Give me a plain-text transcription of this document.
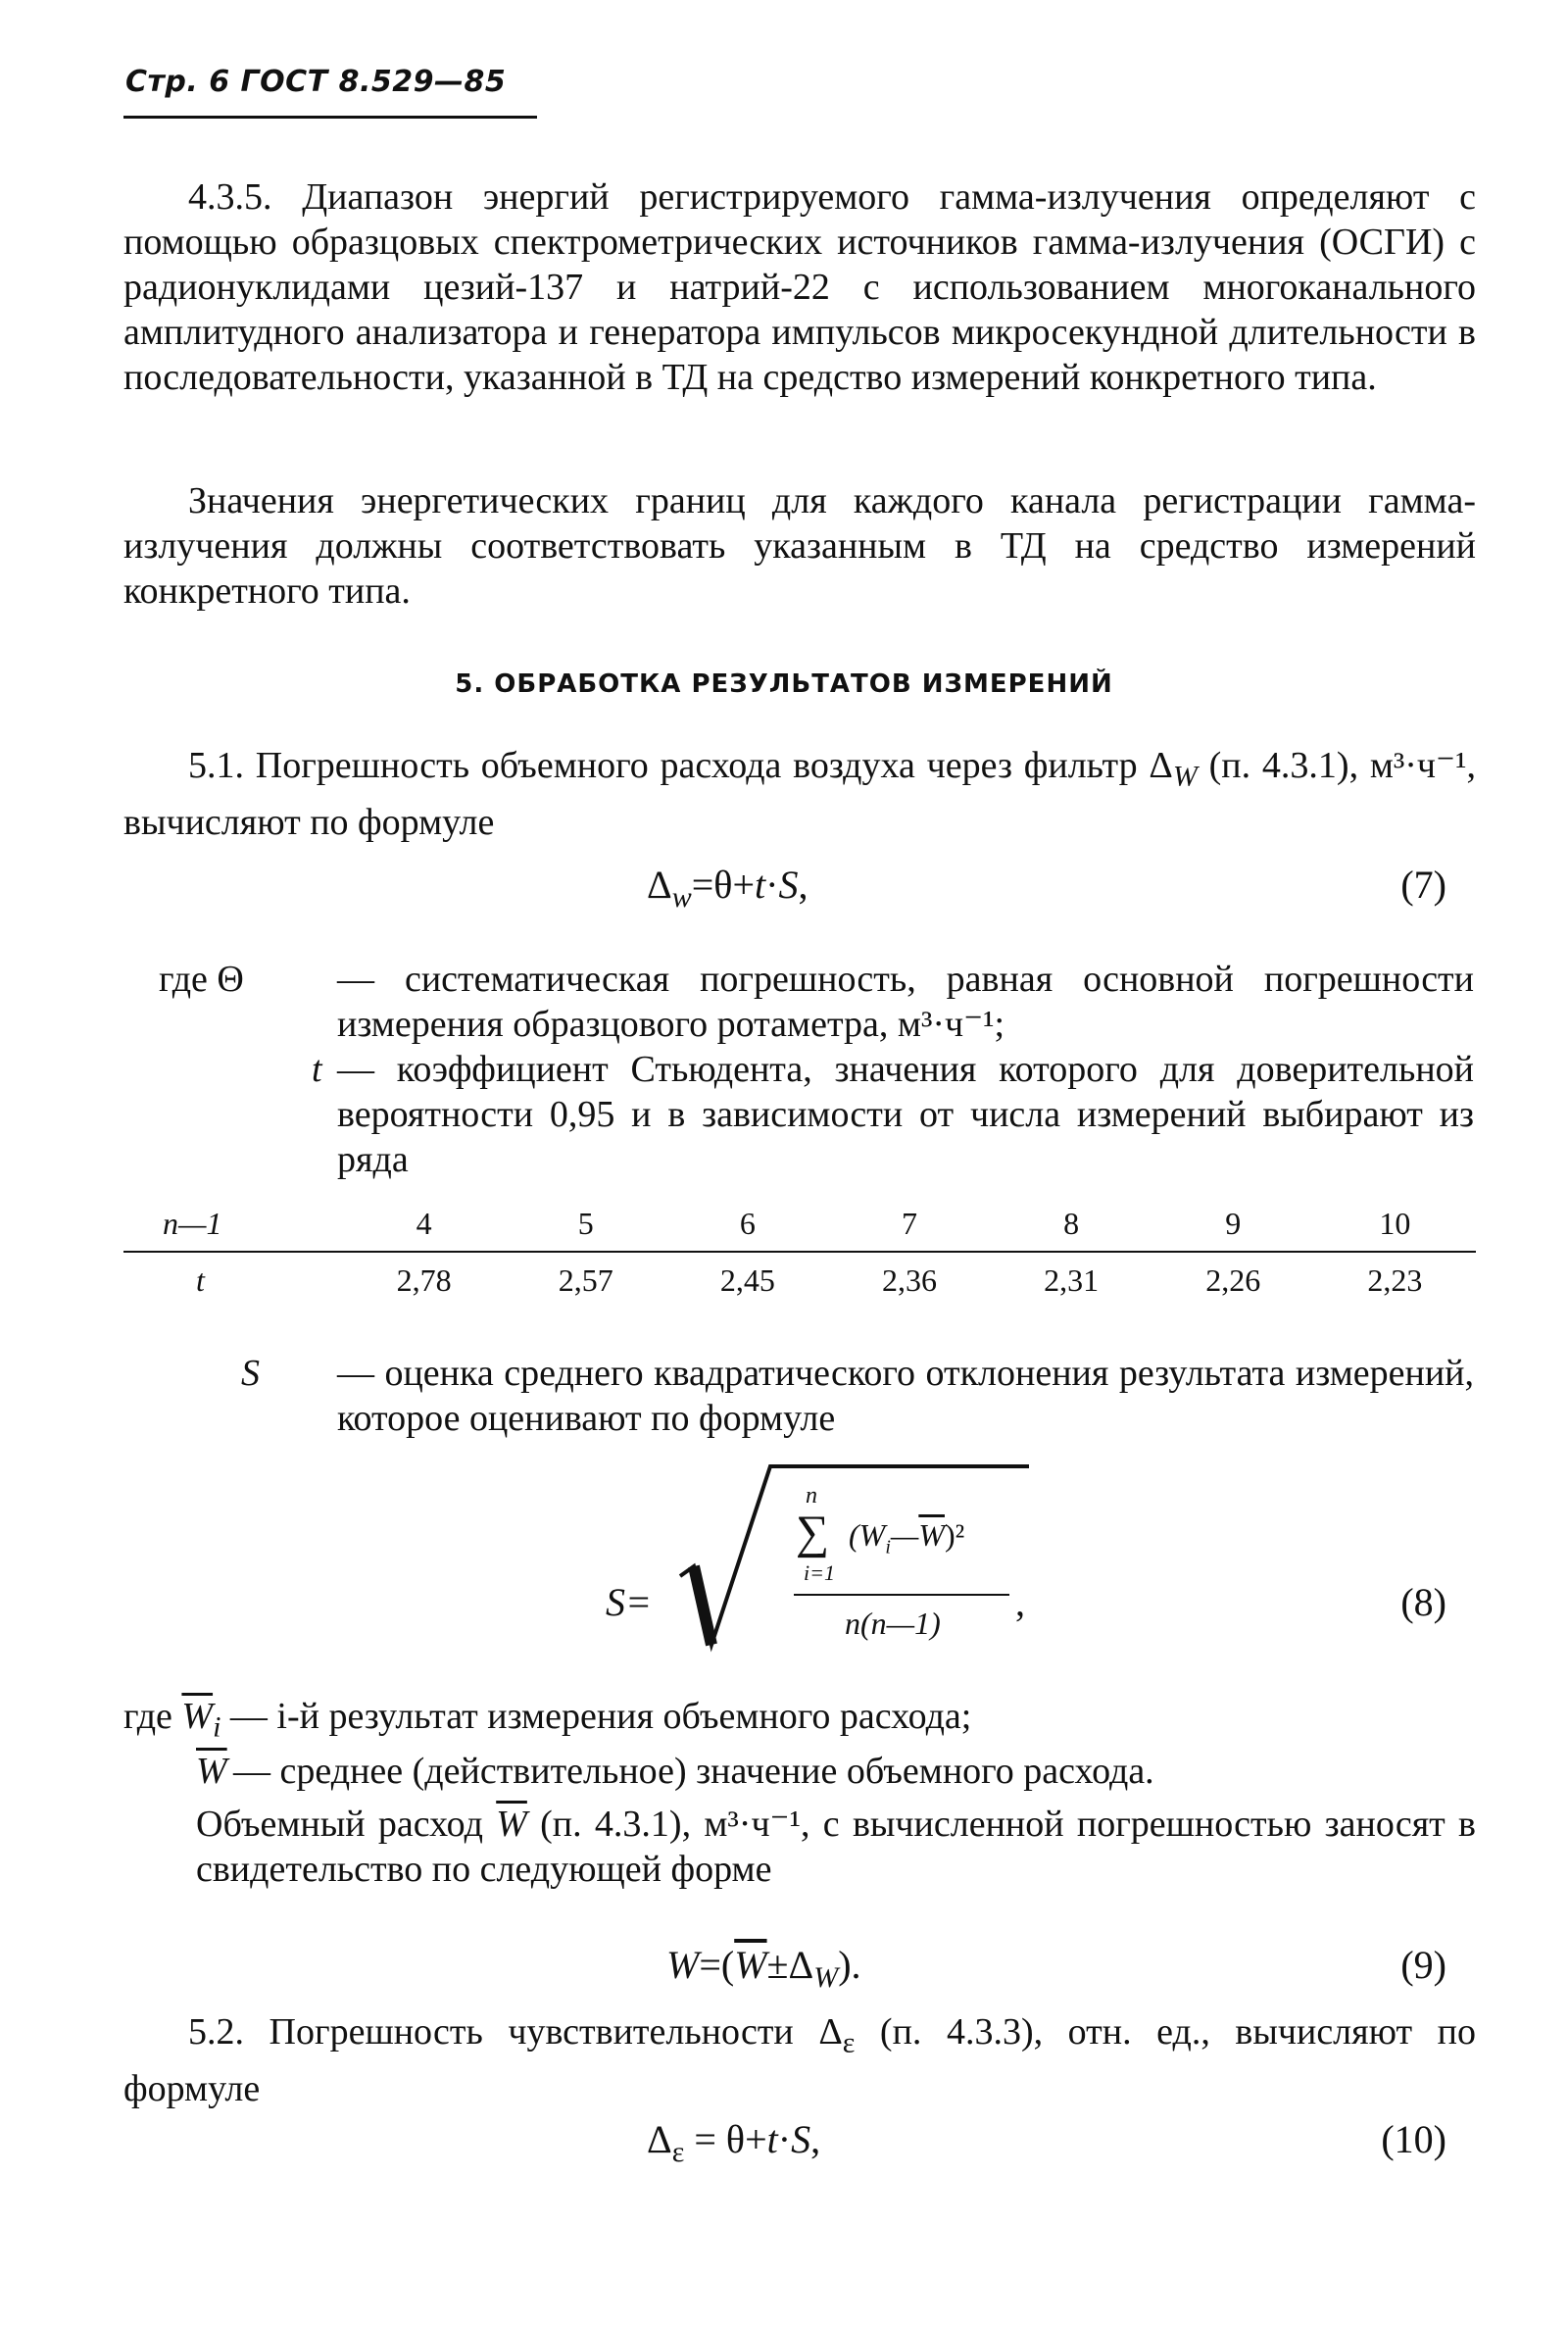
Стр. 6 ГОСТ 8.529—85
4.3.5. Диапазон энергий регистрируемого гамма-излучения определяют с помощью образцовых спектрометрических источников гамма-излучения (ОСГИ) с радионуклидами цезий-137 и натрий-22 с использованием многоканального амплитудного анализатора и генератора импульсов микросекундной длительности в последовательности, указанной в ТД на средство измерений конкретного типа.
Значения энергетических границ для каждого канала регистрации гамма-излучения должны соответствовать указанным в ТД на средство измерений конкретного типа.
5. ОБРАБОТКА РЕЗУЛЬТАТОВ ИЗМЕРЕНИЙ
5.1. Погрешность объемного расхода воздуха через фильтр $\Delta_W$ (п. 4.3.1), м³·ч⁻¹, вычисляют по формуле
$\Delta_w=\theta+t\cdot S$,	(7)
где Θ	— систематическая погрешность, равная основной погрешности измерения образцового ротаметра, м³·ч⁻¹;
t — коэффициент Стьюдента, значения которого для доверительной вероятности 0,95 и в зависимости от числа измерений выбирают из ряда
n—1	4	5	6	7	8	9	10
t	2,78	2,57	2,45	2,36	2,31	2,26	2,23
S — оценка среднего квадратического отклонения результата измерений, которое оценивают по формуле
S=
n
∑ $(W_i—\overline{W})^2$
i=1
n(n—1) ,	(8)
где $\overline{W}_i$ — i-й результат измерения объемного расхода;
$\overline{W}$ — среднее (действительное) значение объемного расхода.
Объемный расход $\overline{W}$ (п. 4.3.1), м³·ч⁻¹, с вычисленной погрешностью заносят в свидетельство по следующей форме
$W=(\overline{W}\pm\Delta_W)$.	(9)
5.2. Погрешность чувствительности $\Delta_\varepsilon$ (п. 4.3.3), отн. ед., вычисляют по формуле
$\Delta_\varepsilon = \theta+t\cdot S$,	(10)
